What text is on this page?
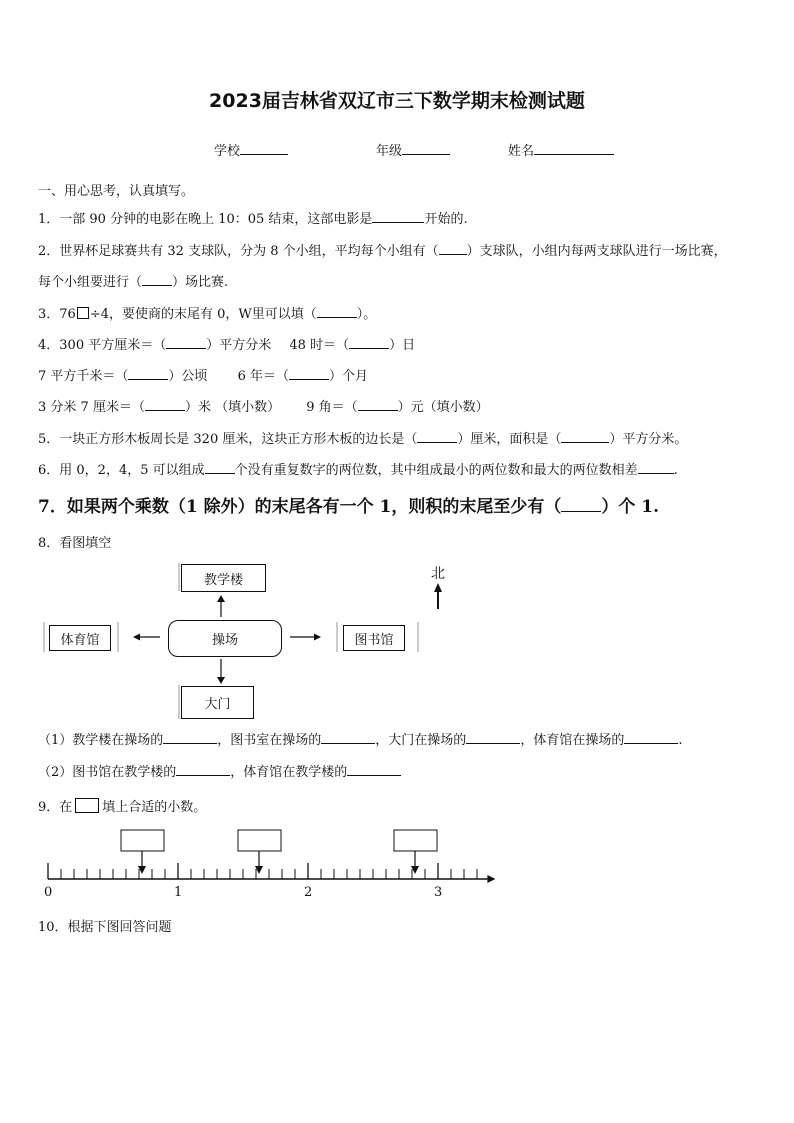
2023届吉林省双辽市三下数学期末检测试题
学校	年级	姓名
一、用心思考，认真填写。
1．一部 90 分钟的电影在晚上 10：05 结束，这部电影是	开始的.
2．世界杯足球赛共有 32 支球队，分为 8 个小组，平均每个小组有（ ）支球队，小组内每两支球队进行一场比赛，
每个小组要进行（ ）场比赛.
3．76 ÷4，要使商的末尾有 0，W里可以填（	）。
4．300 平方厘米＝（	）平方分米 48 时＝（	）日
7 平方千米＝（	）公顷 6 年＝（	）个月
3 分米 7 厘米＝（	）米 （填小数） 9 角＝（	）元（填小数）
5．一块正方形木板周长是 320 厘米，这块正方形木板的边长是（	）厘米，面积是（	）平方分米。
6．用 0，2，4，5 可以组成 个没有重复数字的两位数，其中组成最小的两位数和最大的两位数相差	.
7．如果两个乘数（1 除外）的末尾各有一个 1，则积的末尾至少有（ ）个 1.
8．看图填空
北
教学楼
操场
体育馆	图书馆
大门
（1）教学楼在操场的	，图书室在操场的	，大门在操场的	，体育馆在操场的	.
（2）图书馆在教学楼的	，体育馆在教学楼的
9．在 填上合适的小数。
0	1	2	3
10．根据下图回答问题
